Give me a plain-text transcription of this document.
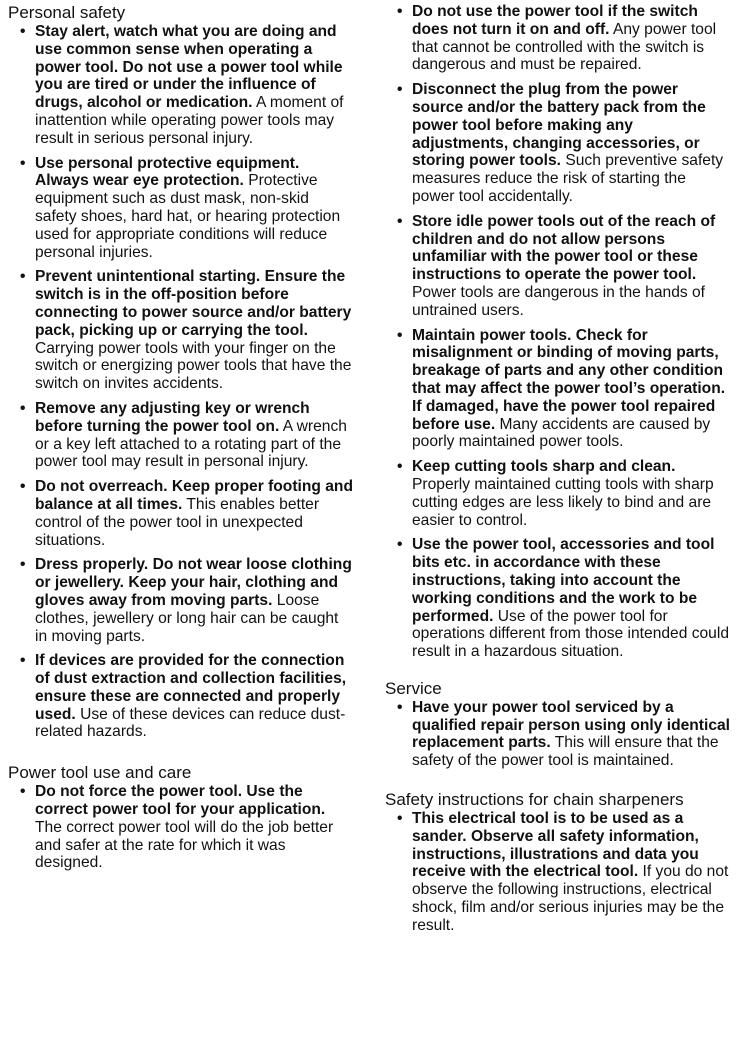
Personal safety
• Stay alert, watch what you are doing and use common sense when operating a power tool. Do not use a power tool while you are tired or under the influence of drugs, alcohol or medication. A moment of inattention while operating power tools may result in serious personal injury.
• Use personal protective equipment. Always wear eye protection. Protective equipment such as dust mask, non-skid safety shoes, hard hat, or hearing protection used for appropriate conditions will reduce personal injuries.
• Prevent unintentional starting. Ensure the switch is in the off-position before connecting to power source and/or battery pack, picking up or carrying the tool. Carrying power tools with your finger on the switch or energizing power tools that have the switch on invites accidents.
• Remove any adjusting key or wrench before turning the power tool on. A wrench or a key left attached to a rotating part of the power tool may result in personal injury.
• Do not overreach. Keep proper footing and balance at all times. This enables better control of the power tool in unexpected situations.
• Dress properly. Do not wear loose clothing or jewellery. Keep your hair, clothing and gloves away from moving parts. Loose clothes, jewellery or long hair can be caught in moving parts.
• If devices are provided for the connection of dust extraction and collection facilities, ensure these are connected and properly used. Use of these devices can reduce dust-related hazards.
Power tool use and care
• Do not force the power tool. Use the correct power tool for your application. The correct power tool will do the job better and safer at the rate for which it was designed.
• Do not use the power tool if the switch does not turn it on and off. Any power tool that cannot be controlled with the switch is dangerous and must be repaired.
• Disconnect the plug from the power source and/or the battery pack from the power tool before making any adjustments, changing accessories, or storing power tools. Such preventive safety measures reduce the risk of starting the power tool accidentally.
• Store idle power tools out of the reach of children and do not allow persons unfamiliar with the power tool or these instructions to operate the power tool. Power tools are dangerous in the hands of untrained users.
• Maintain power tools. Check for misalignment or binding of moving parts, breakage of parts and any other condition that may affect the power tool’s operation. If damaged, have the power tool repaired before use. Many accidents are caused by poorly maintained power tools.
• Keep cutting tools sharp and clean. Properly maintained cutting tools with sharp cutting edges are less likely to bind and are easier to control.
• Use the power tool, accessories and tool bits etc. in accordance with these instructions, taking into account the working conditions and the work to be performed. Use of the power tool for operations different from those intended could result in a hazardous situation.
Service
• Have your power tool serviced by a qualified repair person using only identical replacement parts. This will ensure that the safety of the power tool is maintained.
Safety instructions for chain sharpeners
• This electrical tool is to be used as a sander. Observe all safety information, instructions, illustrations and data you receive with the electrical tool. If you do not observe the following instructions, electrical shock, film and/or serious injuries may be the result.
